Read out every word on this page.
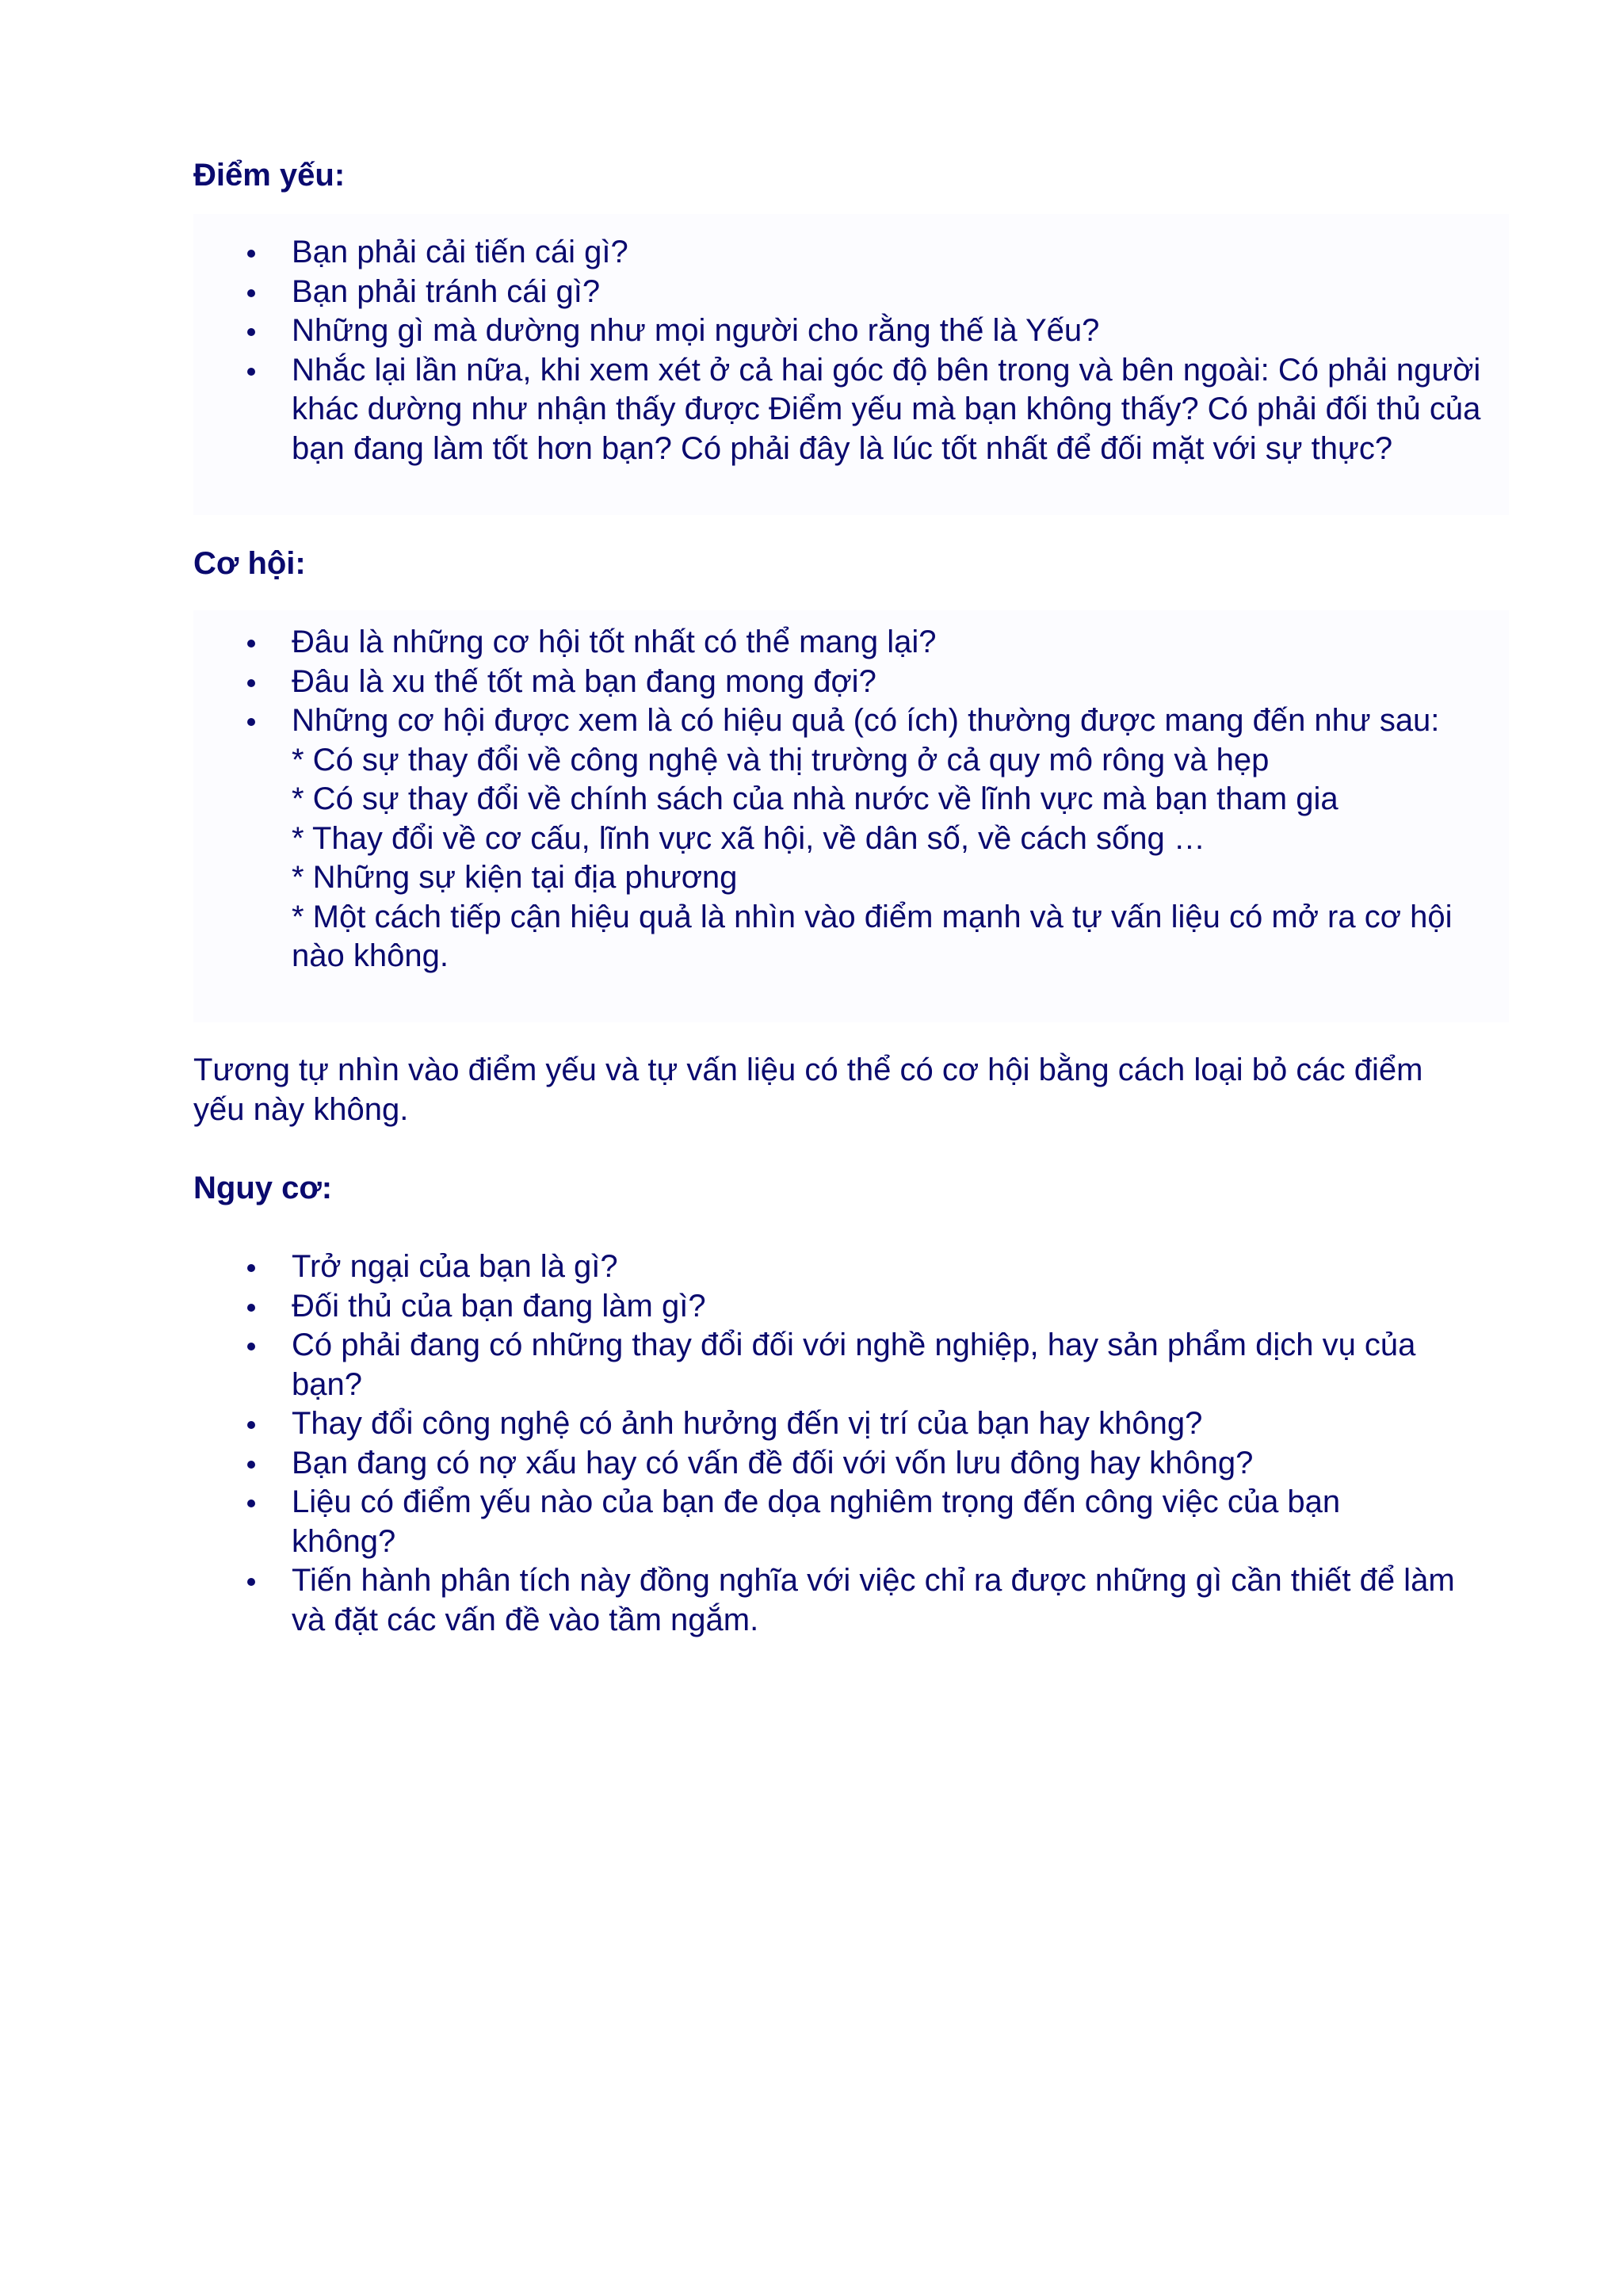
Điểm yếu:
Bạn phải cải tiến cái gì?
Bạn phải tránh cái gì?
Những gì mà dường như mọi người cho rằng thế là Yếu?
Nhắc lại lần nữa, khi xem xét ở cả hai góc độ bên trong và bên ngoài: Có phải người khác dường như nhận thấy được Điểm yếu mà bạn không thấy? Có phải đối thủ của bạn đang làm tốt hơn bạn? Có phải đây là lúc tốt nhất để đối mặt với sự thực?
Cơ hội:
Đâu là những cơ hội tốt nhất có thể mang lại?
Đâu là xu thế tốt mà bạn đang mong đợi?
Những cơ hội được xem là có hiệu quả (có ích) thường được mang đến như sau:
* Có sự thay đổi về công nghệ và thị trường ở cả quy mô rông và hẹp
* Có sự thay đổi về chính sách của nhà nước về lĩnh vực mà bạn tham gia
* Thay đổi về cơ cấu, lĩnh vực xã hội, về dân số, về cách sống …
* Những sự kiện tại địa phương
* Một cách tiếp cận hiệu quả là nhìn vào điểm mạnh và tự vấn liệu có mở ra cơ hội nào không.

Tương tự nhìn vào điểm yếu và tự vấn liệu có thể có cơ hội bằng cách loại bỏ các điểm yếu này không.

Nguy cơ:
Trở ngại của bạn là gì?
Đối thủ của bạn đang làm gì?
Có phải đang có những thay đổi đối với nghề nghiệp, hay sản phẩm dịch vụ của bạn?
Thay đổi công nghệ có ảnh hưởng đến vị trí của bạn hay không?
Bạn đang có nợ xấu hay có vấn đề đối với vốn lưu đông hay không?
Liệu có điểm yếu nào của bạn đe dọa nghiêm trọng đến công việc của bạn không?
Tiến hành phân tích này đồng nghĩa với việc chỉ ra được những gì cần thiết để làm và đặt các vấn đề vào tầm ngắm.
